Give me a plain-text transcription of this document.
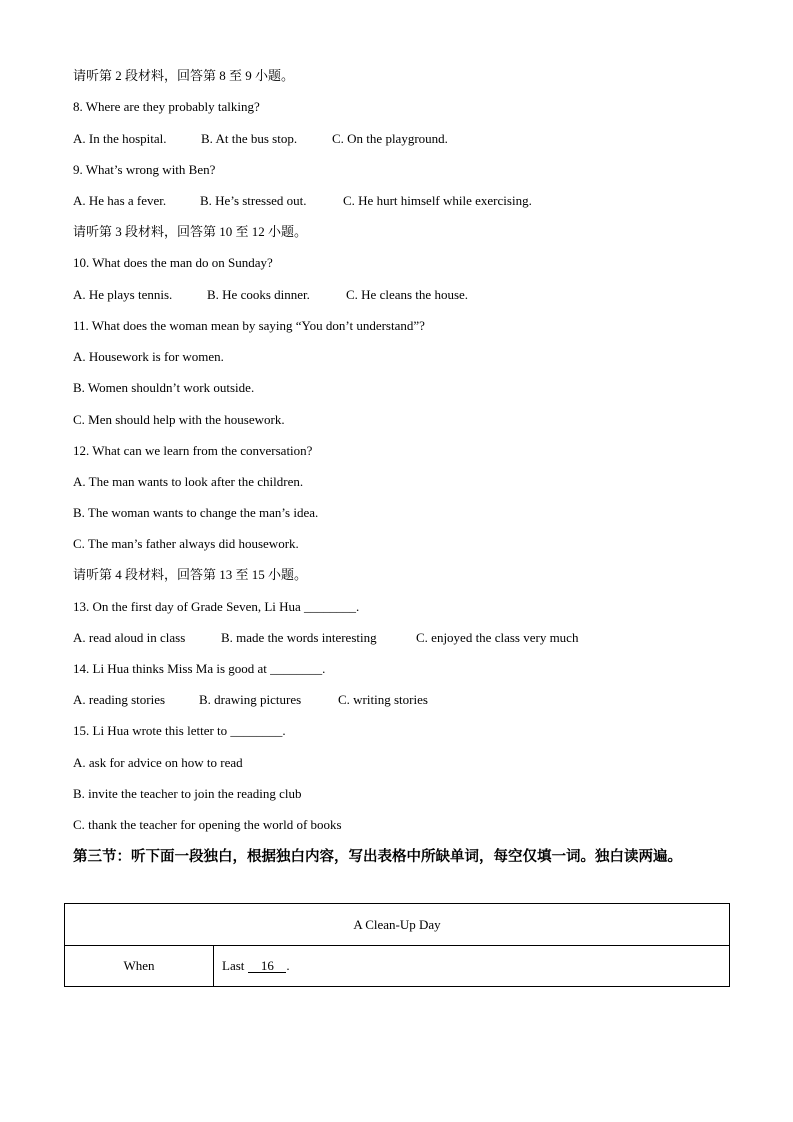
请听第 2 段材料，回答第 8 至 9 小题。
8. Where are they probably talking?
A. In the hospital.	B. At the bus stop.	C. On the playground.
9. What’s wrong with Ben?
A. He has a fever.	B. He’s stressed out.	C. He hurt himself while exercising.
请听第 3 段材料，回答第 10 至 12 小题。
10. What does the man do on Sunday?
A. He plays tennis.	B. He cooks dinner.	C. He cleans the house.
11. What does the woman mean by saying “You don’t understand”?
A. Housework is for women.
B. Women shouldn’t work outside.
C. Men should help with the housework.
12. What can we learn from the conversation?
A. The man wants to look after the children.
B. The woman wants to change the man’s idea.
C. The man’s father always did housework.
请听第 4 段材料，回答第 13 至 15 小题。
13. On the first day of Grade Seven, Li Hua ________.
A. read aloud in class	B. made the words interesting	C. enjoyed the class very much
14. Li Hua thinks Miss Ma is good at ________.
A. reading stories	B. drawing pictures	C. writing stories
15. Li Hua wrote this letter to ________.
A. ask for advice on how to read
B. invite the teacher to join the reading club
C. thank the teacher for opening the world of books
第三节：听下面一段独白，根据独白内容，写出表格中所缺单词，每空仅填一词。独白读两遍。
A Clean-Up Day
When	Last 16 .
